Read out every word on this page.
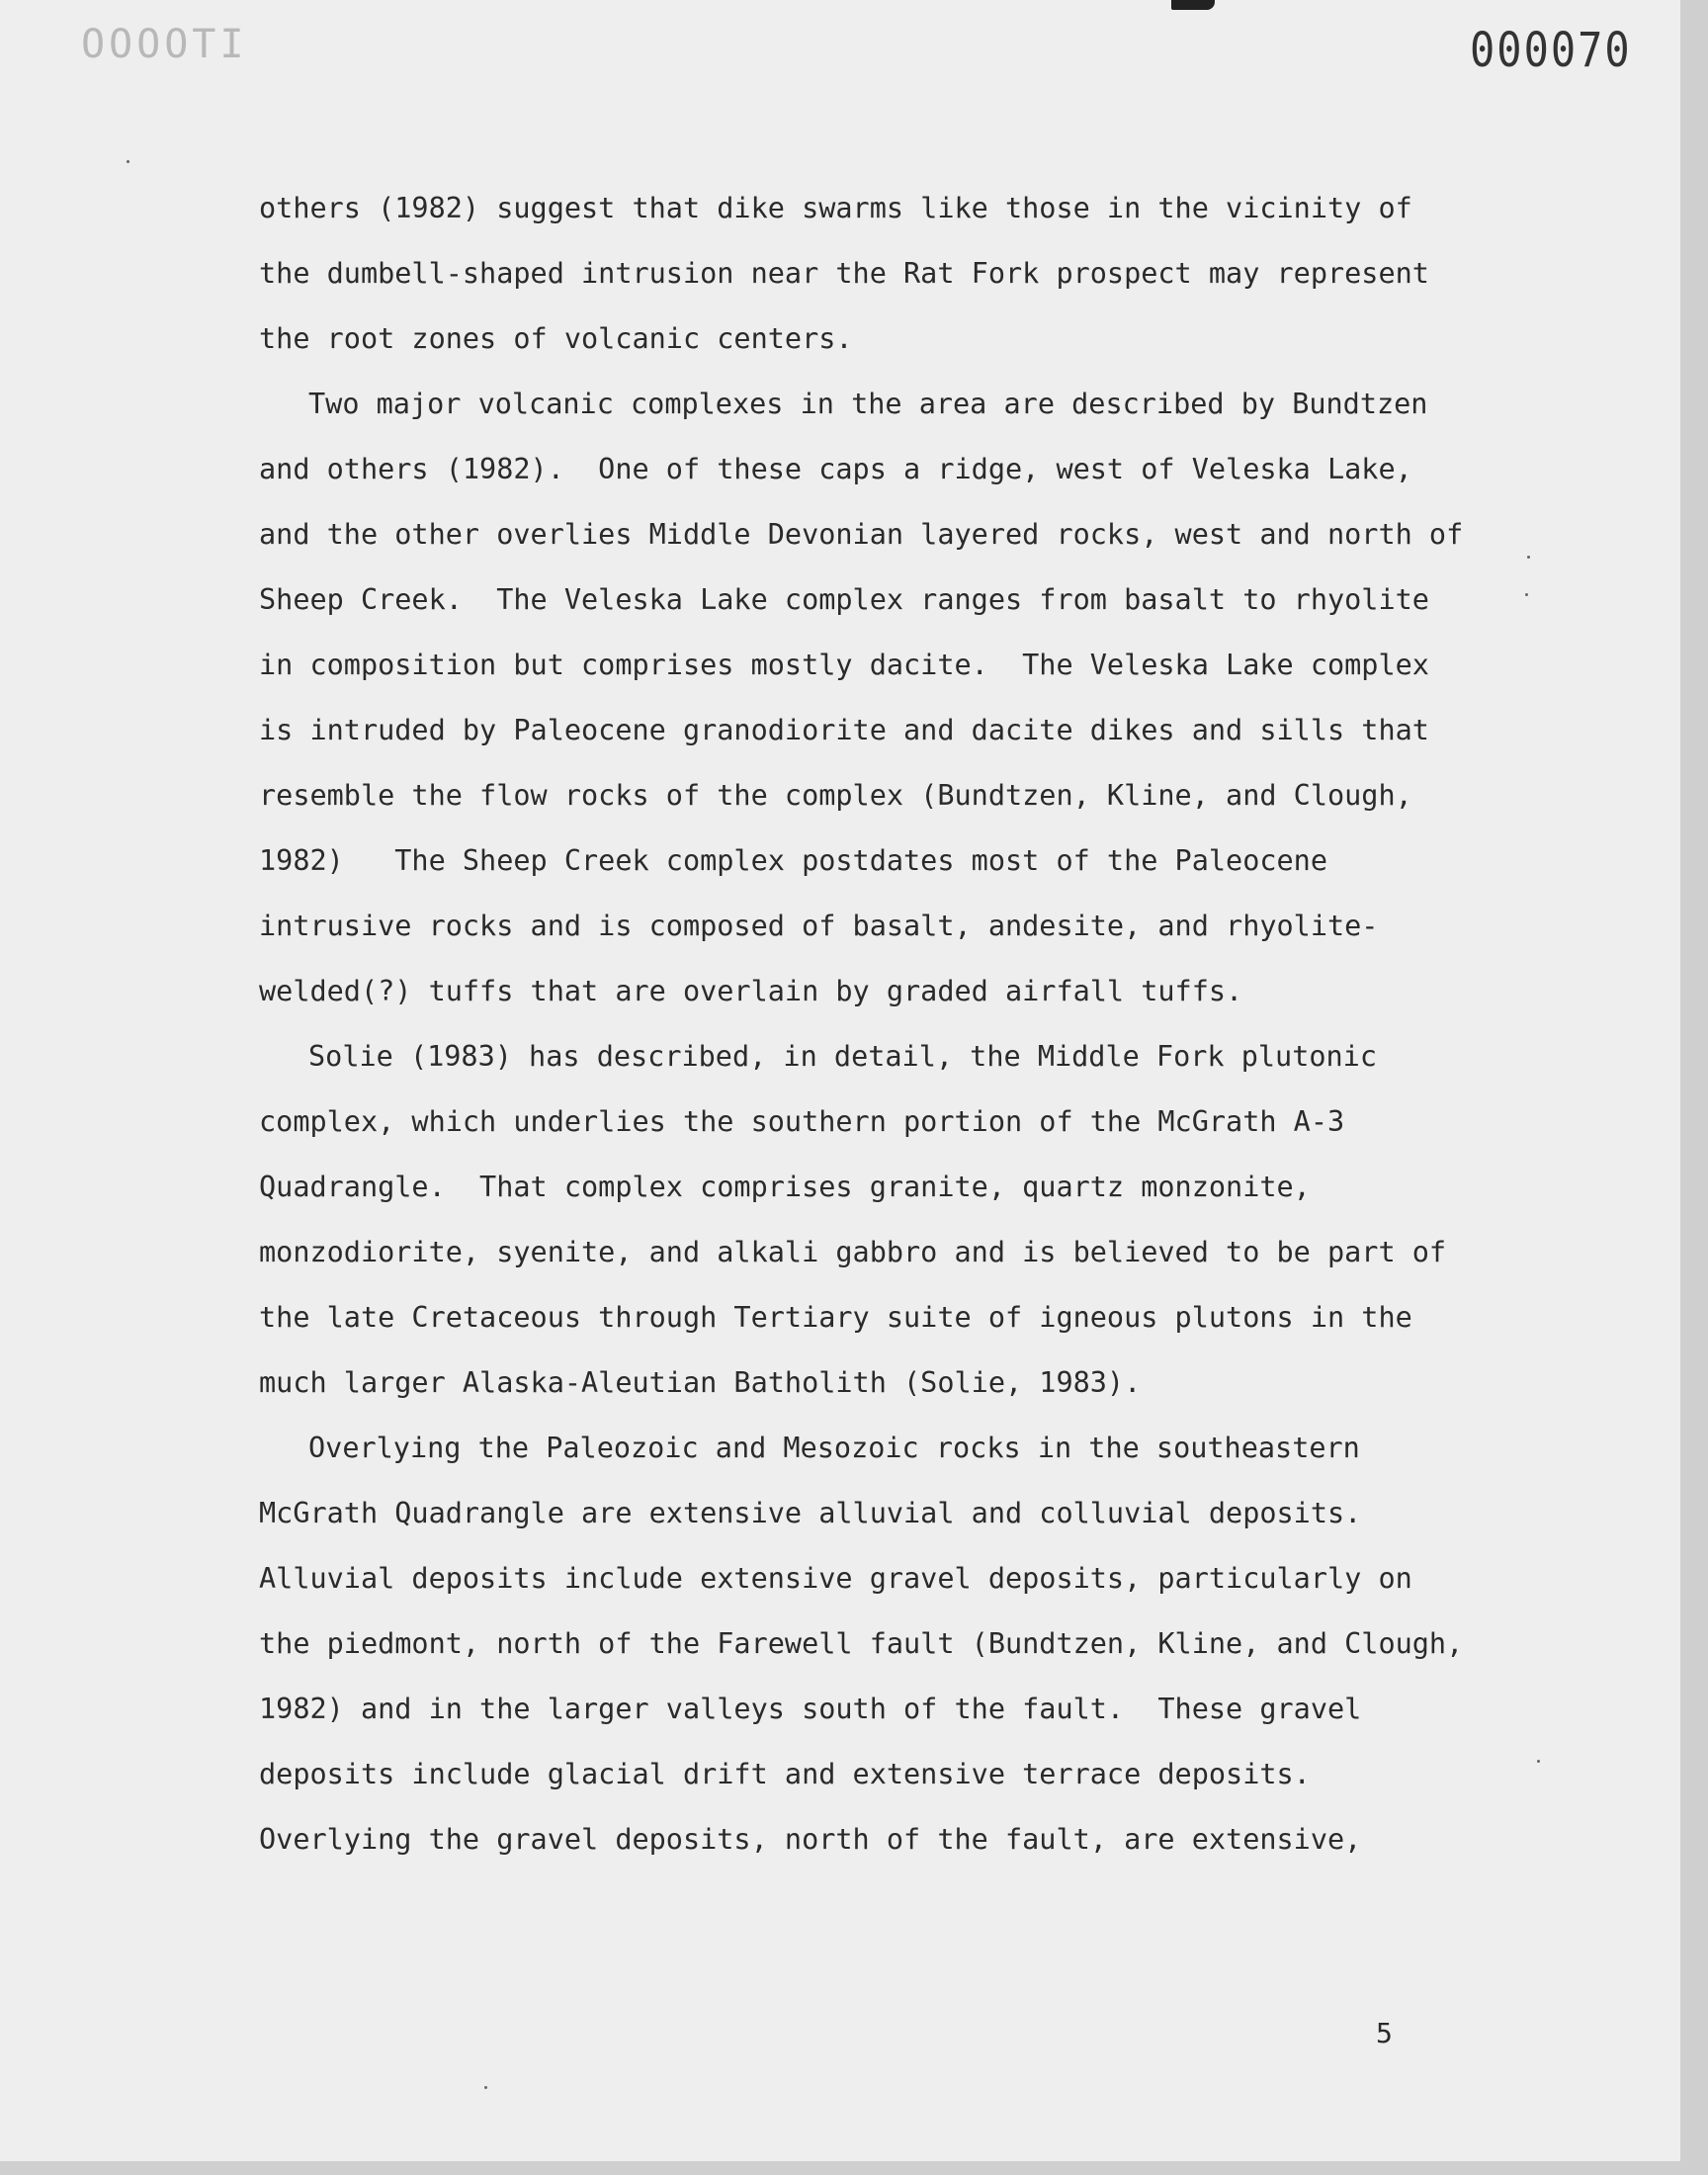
ITOOOO	000070
others (1982) suggest that dike swarms like those in the vicinity of
the dumbell-shaped intrusion near the Rat Fork prospect may represent
the root zones of volcanic centers.
Two major volcanic complexes in the area are described by Bundtzen
and others (1982).  One of these caps a ridge, west of Veleska Lake,
and the other overlies Middle Devonian layered rocks, west and north of
Sheep Creek.  The Veleska Lake complex ranges from basalt to rhyolite
in composition but comprises mostly dacite.  The Veleska Lake complex
is intruded by Paleocene granodiorite and dacite dikes and sills that
resemble the flow rocks of the complex (Bundtzen, Kline, and Clough,
1982)   The Sheep Creek complex postdates most of the Paleocene
intrusive rocks and is composed of basalt, andesite, and rhyolite-
welded(?) tuffs that are overlain by graded airfall tuffs.
Solie (1983) has described, in detail, the Middle Fork plutonic
complex, which underlies the southern portion of the McGrath A-3
Quadrangle.  That complex comprises granite, quartz monzonite,
monzodiorite, syenite, and alkali gabbro and is believed to be part of
the late Cretaceous through Tertiary suite of igneous plutons in the
much larger Alaska-Aleutian Batholith (Solie, 1983).
Overlying the Paleozoic and Mesozoic rocks in the southeastern
McGrath Quadrangle are extensive alluvial and colluvial deposits.
Alluvial deposits include extensive gravel deposits, particularly on
the piedmont, north of the Farewell fault (Bundtzen, Kline, and Clough,
1982) and in the larger valleys south of the fault.  These gravel
deposits include glacial drift and extensive terrace deposits.
Overlying the gravel deposits, north of the fault, are extensive,
5
